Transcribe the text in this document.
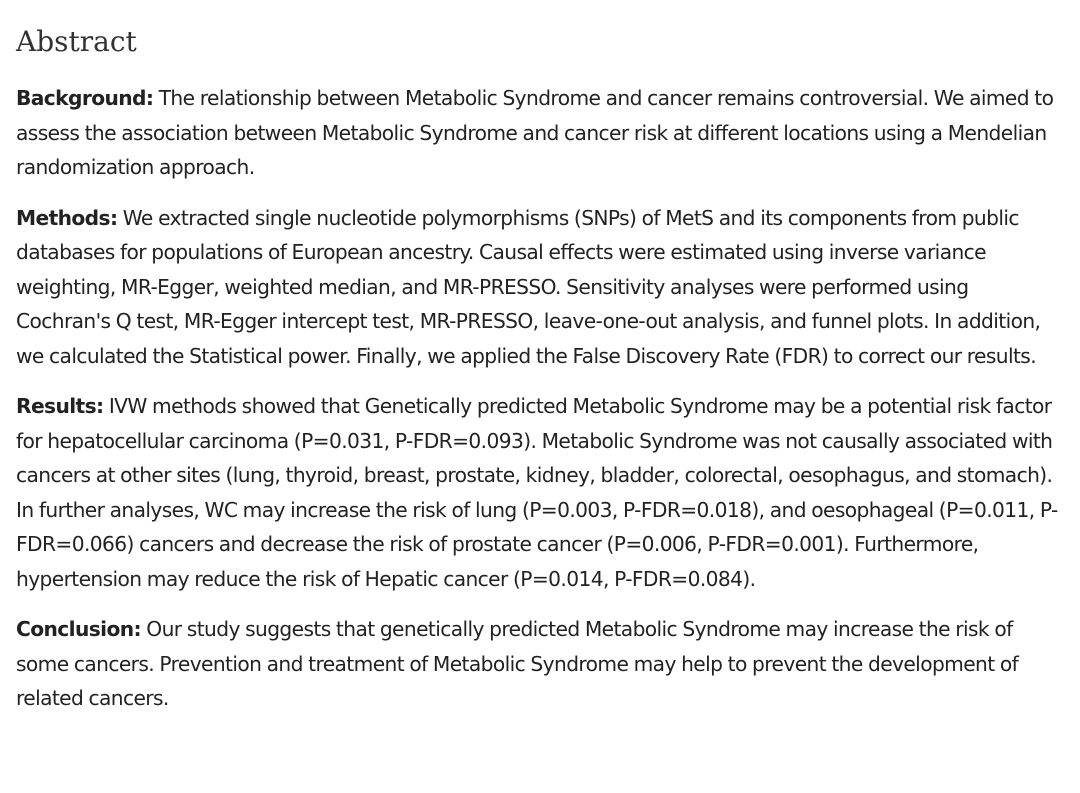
Abstract

Background: The relationship between Metabolic Syndrome and cancer remains controversial. We aimed to assess the association between Metabolic Syndrome and cancer risk at different locations using a Mendelian randomization approach.

Methods: We extracted single nucleotide polymorphisms (SNPs) of MetS and its components from public databases for populations of European ancestry. Causal effects were estimated using inverse variance weighting, MR-Egger, weighted median, and MR-PRESSO. Sensitivity analyses were performed using Cochran's Q test, MR-Egger intercept test, MR-PRESSO, leave-one-out analysis, and funnel plots. In addition, we calculated the Statistical power. Finally, we applied the False Discovery Rate (FDR) to correct our results.

Results: IVW methods showed that Genetically predicted Metabolic Syndrome may be a potential risk factor for hepatocellular carcinoma (P=0.031, P-FDR=0.093). Metabolic Syndrome was not causally associated with cancers at other sites (lung, thyroid, breast, prostate, kidney, bladder, colorectal, oesophagus, and stomach). In further analyses, WC may increase the risk of lung (P=0.003, P-FDR=0.018), and oesophageal (P=0.011, P-FDR=0.066) cancers and decrease the risk of prostate cancer (P=0.006, P-FDR=0.001). Furthermore, hypertension may reduce the risk of Hepatic cancer (P=0.014, P-FDR=0.084).

Conclusion: Our study suggests that genetically predicted Metabolic Syndrome may increase the risk of some cancers. Prevention and treatment of Metabolic Syndrome may help to prevent the development of related cancers.
